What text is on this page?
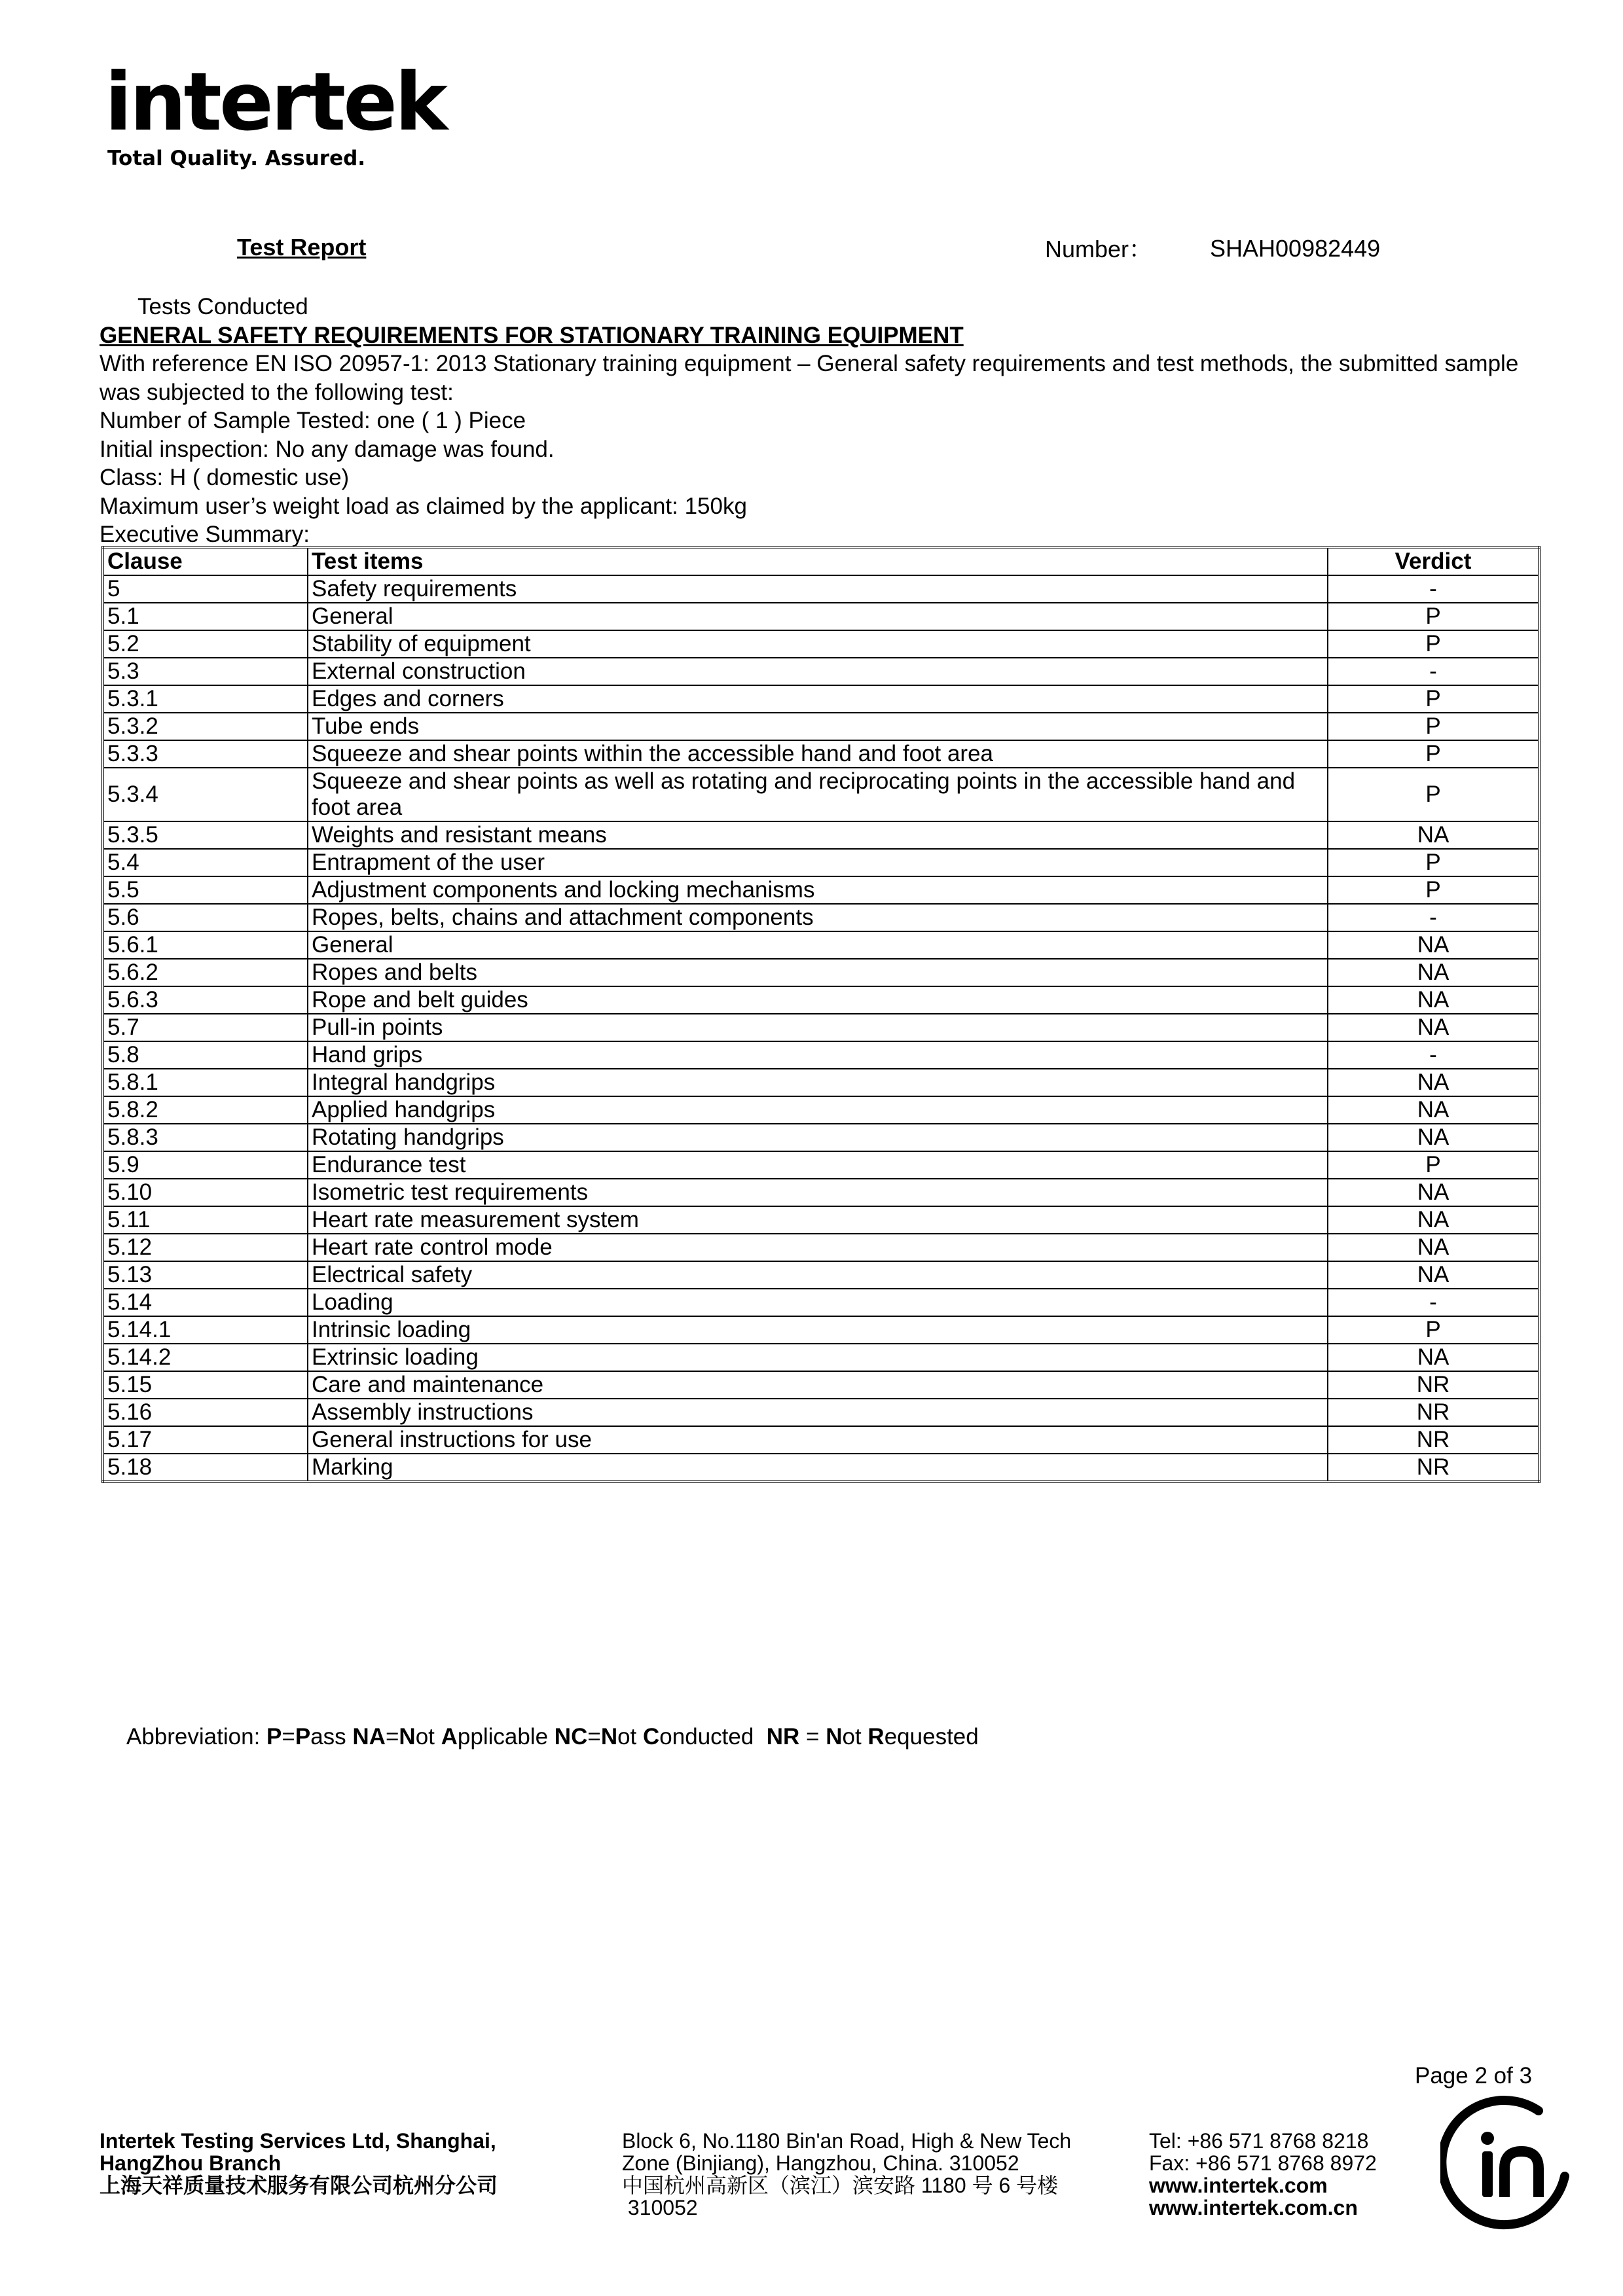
intertek
Total Quality. Assured.
Test Report	Number： SHAH00982449
Tests Conducted
GENERAL SAFETY REQUIREMENTS FOR STATIONARY TRAINING EQUIPMENT
With reference EN ISO 20957-1: 2013 Stationary training equipment – General safety requirements and test methods, the submitted sample was subjected to the following test:
Number of Sample Tested: one ( 1 ) Piece
Initial inspection: No any damage was found.
Class: H ( domestic use)
Maximum user’s weight load as claimed by the applicant: 150kg
Executive Summary:
Clause	Test items	Verdict
5	Safety requirements	-
5.1	General	P
5.2	Stability of equipment	P
5.3	External construction	-
5.3.1	Edges and corners	P
5.3.2	Tube ends	P
5.3.3	Squeeze and shear points within the accessible hand and foot area	P
5.3.4	Squeeze and shear points as well as rotating and reciprocating points in the accessible hand and foot area	P
5.3.5	Weights and resistant means	NA
5.4	Entrapment of the user	P
5.5	Adjustment components and locking mechanisms	P
5.6	Ropes, belts, chains and attachment components	-
5.6.1	General	NA
5.6.2	Ropes and belts	NA
5.6.3	Rope and belt guides	NA
5.7	Pull-in points	NA
5.8	Hand grips	-
5.8.1	Integral handgrips	NA
5.8.2	Applied handgrips	NA
5.8.3	Rotating handgrips	NA
5.9	Endurance test	P
5.10	Isometric test requirements	NA
5.11	Heart rate measurement system	NA
5.12	Heart rate control mode	NA
5.13	Electrical safety	NA
5.14	Loading	-
5.14.1	Intrinsic loading	P
5.14.2	Extrinsic loading	NA
5.15	Care and maintenance	NR
5.16	Assembly instructions	NR
5.17	General instructions for use	NR
5.18	Marking	NR
Abbreviation: P=Pass NA=Not Applicable NC=Not Conducted  NR = Not Requested
Page 2 of 3
Intertek Testing Services Ltd, Shanghai,
HangZhou Branch
上海天祥质量技术服务有限公司杭州分公司
Block 6, No.1180 Bin'an Road, High & New Tech
Zone (Binjiang), Hangzhou, China. 310052
中国杭州高新区（滨江）滨安路 1180 号 6 号楼
310052
Tel: +86 571 8768 8218
Fax: +86 571 8768 8972
www.intertek.com
www.intertek.com.cn
